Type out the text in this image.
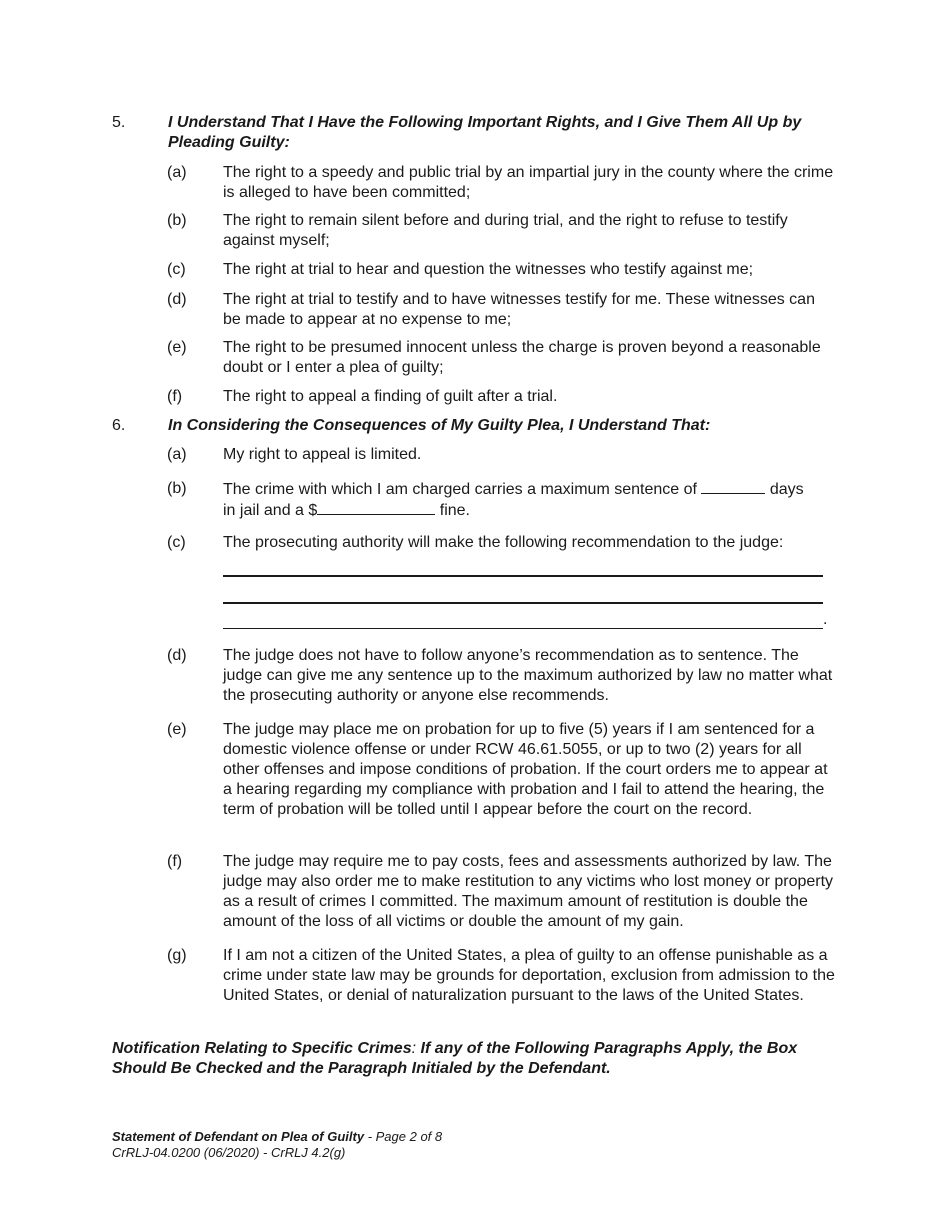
5.	I Understand That I Have the Following Important Rights, and I Give Them All Up by Pleading Guilty:
(a) The right to a speedy and public trial by an impartial jury in the county where the crime is alleged to have been committed;
(b) The right to remain silent before and during trial, and the right to refuse to testify against myself;
(c) The right at trial to hear and question the witnesses who testify against me;
(d) The right at trial to testify and to have witnesses testify for me. These witnesses can be made to appear at no expense to me;
(e) The right to be presumed innocent unless the charge is proven beyond a reasonable doubt or I enter a plea of guilty;
(f)	The right to appeal a finding of guilt after a trial.
6.	In Considering the Consequences of My Guilty Plea, I Understand That:
(a) My right to appeal is limited.
(b) The crime with which I am charged carries a maximum sentence of	days
in jail and a $	fine.
(c) The prosecuting authority will make the following recommendation to the judge:
.
(d) The judge does not have to follow anyone’s recommendation as to sentence. The judge can give me any sentence up to the maximum authorized by law no matter what the prosecuting authority or anyone else recommends.
(e) The judge may place me on probation for up to five (5) years if I am sentenced for a domestic violence offense or under RCW 46.61.5055, or up to two (2) years for all other offenses and impose conditions of probation. If the court orders me to appear at a hearing regarding my compliance with probation and I fail to attend the hearing, the term of probation will be tolled until I appear before the court on the record.
(f)	The judge may require me to pay costs, fees and assessments authorized by law. The judge may also order me to make restitution to any victims who lost money or property as a result of crimes I committed. The maximum amount of restitution is double the amount of the loss of all victims or double the amount of my gain.
(g) If I am not a citizen of the United States, a plea of guilty to an offense punishable as a crime under state law may be grounds for deportation, exclusion from admission to the United States, or denial of naturalization pursuant to the laws of the United States.
Notification Relating to Specific Crimes: If any of the Following Paragraphs Apply, the Box Should Be Checked and the Paragraph Initialed by the Defendant.
Statement of Defendant on Plea of Guilty - Page 2 of 8
CrRLJ-04.0200 (06/2020) - CrRLJ 4.2(g)
